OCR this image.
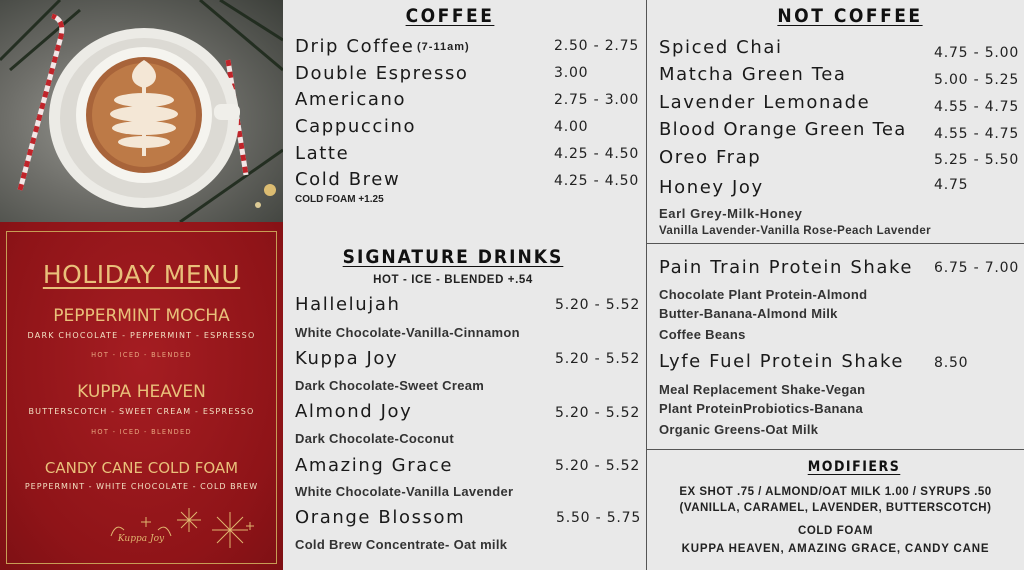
HOLIDAY MENU
PEPPERMINT MOCHA
DARK CHOCOLATE - PEPPERMINT - ESPRESSO
HOT - ICED - BLENDED
KUPPA HEAVEN
BUTTERSCOTCH - SWEET CREAM - ESPRESSO
HOT - ICED - BLENDED
CANDY CANE COLD FOAM
PEPPERMINT - WHITE CHOCOLATE - COLD BREW
Kuppa Joy
COFFEE
Drip Coffee (7-11am)	2.50 - 2.75
Double Espresso	3.00
Americano	2.75 - 3.00
Cappuccino	4.00
Latte	4.25 - 4.50
Cold Brew	4.25 - 4.50
COLD FOAM +1.25
SIGNATURE DRINKS
HOT - ICE - BLENDED +.54
Hallelujah	5.20 - 5.52
White Chocolate-Vanilla-Cinnamon
Kuppa Joy	5.20 - 5.52
Dark Chocolate-Sweet Cream
Almond Joy	5.20 - 5.52
Dark Chocolate-Coconut
Amazing Grace	5.20 - 5.52
White Chocolate-Vanilla Lavender
Orange Blossom	5.50 - 5.75
Cold Brew Concentrate- Oat milk
NOT COFFEE
Spiced Chai	4.75 - 5.00
Matcha Green Tea	5.00 - 5.25
Lavender Lemonade	4.55 - 4.75
Blood Orange Green Tea 4.55 - 4.75
Oreo Frap	5.25 - 5.50
Honey Joy	4.75
Earl Grey-Milk-Honey
Vanilla Lavender-Vanilla Rose-Peach Lavender
Pain Train Protein Shake 6.75 - 7.00
Chocolate Plant Protein-Almond
Butter-Banana-Almond Milk
Coffee Beans
Lyfe Fuel Protein Shake 8.50
Meal Replacement Shake-Vegan
Plant ProteinProbiotics-Banana
Organic Greens-Oat Milk
MODIFIERS
EX SHOT .75 / ALMOND/OAT MILK 1.00 / SYRUPS .50
(VANILLA, CARAMEL, LAVENDER, BUTTERSCOTCH)
COLD FOAM
KUPPA HEAVEN, AMAZING GRACE, CANDY CANE
